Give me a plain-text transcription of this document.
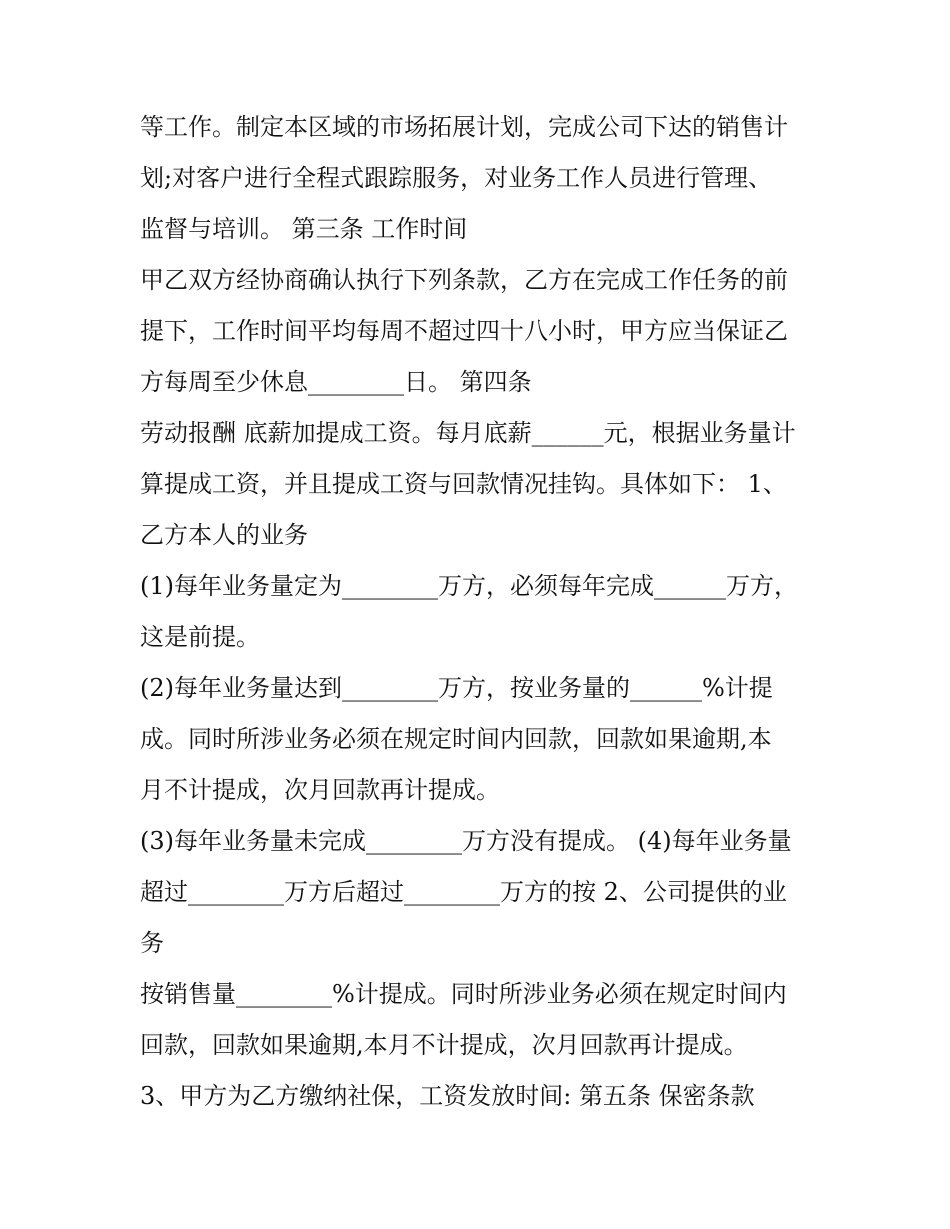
等工作。制定本区域的市场拓展计划，完成公司下达的销售计
划;对客户进行全程式跟踪服务，对业务工作人员进行管理、
监督与培训。 第三条 工作时间
甲乙双方经协商确认执行下列条款，乙方在完成工作任务的前
提下，工作时间平均每周不超过四十八小时，甲方应当保证乙
方每周至少休息________日。 第四条
劳动报酬 底薪加提成工资。每月底薪______元，根据业务量计
算提成工资，并且提成工资与回款情况挂钩。具体如下： 1、
乙方本人的业务
(1)每年业务量定为________万方，必须每年完成______万方，
这是前提。
(2)每年业务量达到________万方，按业务量的______%计提
成。同时所涉业务必须在规定时间内回款，回款如果逾期,本
月不计提成，次月回款再计提成。
(3)每年业务量未完成________万方没有提成。 (4)每年业务量
超过________万方后超过________万方的按 2、公司提供的业
务
按销售量________%计提成。同时所涉业务必须在规定时间内
回款，回款如果逾期,本月不计提成，次月回款再计提成。
3、甲方为乙方缴纳社保，工资发放时间: 第五条 保密条款
